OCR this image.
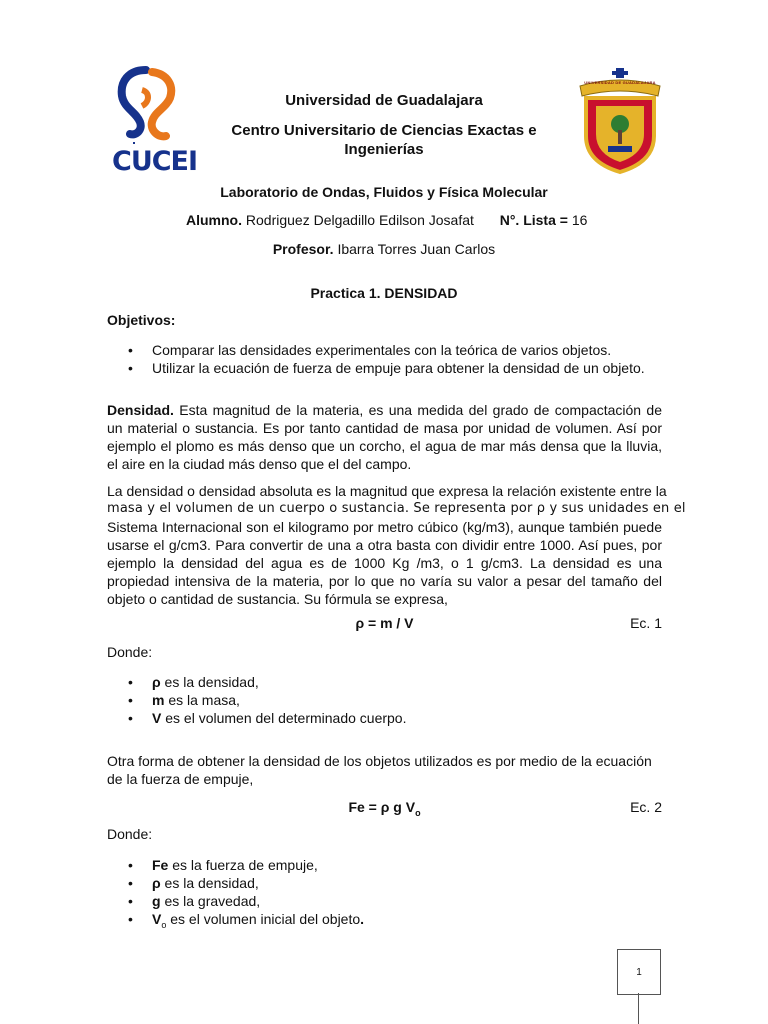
CUCEI
UNIVERSIDAD DE GUADALAJARA
Universidad de Guadalajara
Centro Universitario de Ciencias Exactas e
Ingenierías
Laboratorio de Ondas, Fluidos y Física Molecular
Alumno. Rodriguez Delgadillo Edilson Josafat N°. Lista = 16
Profesor. Ibarra Torres Juan Carlos
Practica 1. DENSIDAD
Objetivos:
• Comparar las densidades experimentales con la teórica de varios objetos.
• Utilizar la ecuación de fuerza de empuje para obtener la densidad de un objeto.
Densidad. Esta magnitud de la materia, es una medida del grado de compactación de un material o sustancia. Es por tanto cantidad de masa por unidad de volumen. Así por ejemplo el plomo es más denso que un corcho, el agua de mar más densa que la lluvia, el aire en la ciudad más denso que el del campo.
La densidad o densidad absoluta es la magnitud que expresa la relación existente entre la
masa y el volumen de un cuerpo o sustancia. Se representa por ρ y sus unidades en el
Sistema Internacional son el kilogramo por metro cúbico (kg/m3), aunque también puede usarse el g/cm3. Para convertir de una a otra basta con dividir entre 1000. Así pues, por ejemplo la densidad del agua es de 1000 Kg /m3, o 1 g/cm3. La densidad es una propiedad intensiva de la materia, por lo que no varía su valor a pesar del tamaño del objeto o cantidad de sustancia. Su fórmula se expresa,
ρ = m / V	Ec. 1
Donde:
• ρ es la densidad,
• m es la masa,
• V es el volumen del determinado cuerpo.
Otra forma de obtener la densidad de los objetos utilizados es por medio de la ecuación de la fuerza de empuje,
Fe = ρ g $V_o$	Ec. 2
Donde:
• Fe es la fuerza de empuje,
• ρ es la densidad,
• g es la gravedad,
• $V_o$ es el volumen inicial del objeto.
1
